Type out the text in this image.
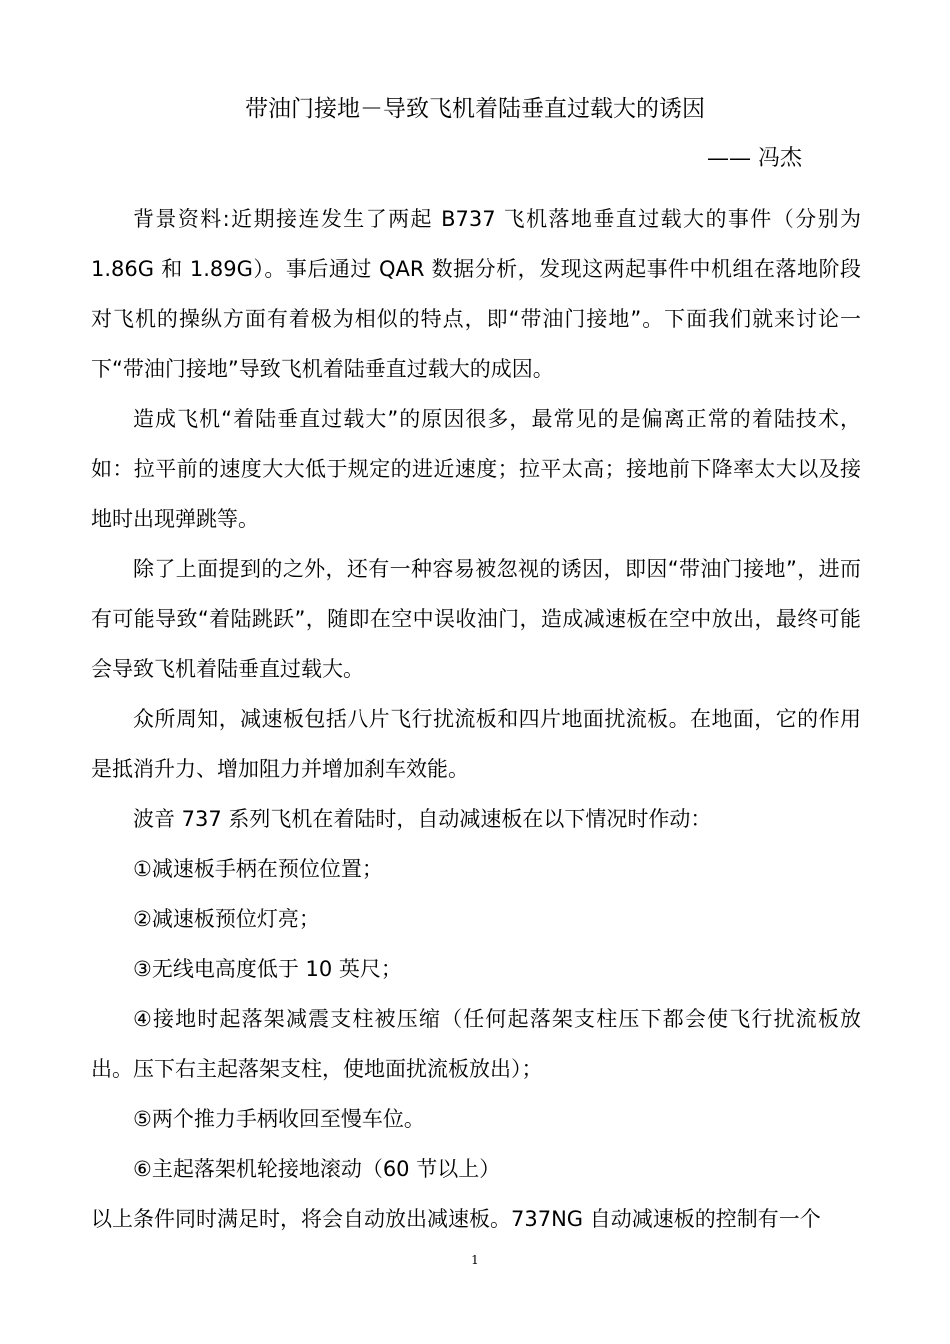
带油门接地－导致飞机着陆垂直过载大的诱因
—— 冯杰

背景资料:近期接连发生了两起 B737 飞机落地垂直过载大的事件（分别为 1.86G 和 1.89G）。事后通过 QAR 数据分析，发现这两起事件中机组在落地阶段对飞机的操纵方面有着极为相似的特点，即“带油门接地”。下面我们就来讨论一下“带油门接地”导致飞机着陆垂直过载大的成因。

造成飞机“着陆垂直过载大”的原因很多，最常见的是偏离正常的着陆技术，如：拉平前的速度大大低于规定的进近速度；拉平太高；接地前下降率太大以及接地时出现弹跳等。

除了上面提到的之外，还有一种容易被忽视的诱因，即因“带油门接地”，进而有可能导致“着陆跳跃”，随即在空中误收油门，造成减速板在空中放出，最终可能会导致飞机着陆垂直过载大。

众所周知，减速板包括八片飞行扰流板和四片地面扰流板。在地面，它的作用是抵消升力、增加阻力并增加刹车效能。

波音 737 系列飞机在着陆时，自动减速板在以下情况时作动：

①减速板手柄在预位位置；

②减速板预位灯亮；

③无线电高度低于 10 英尺；

④接地时起落架减震支柱被压缩（任何起落架支柱压下都会使飞行扰流板放出。压下右主起落架支柱，使地面扰流板放出）；

⑤两个推力手柄收回至慢车位。

⑥主起落架机轮接地滚动（60 节以上）

以上条件同时满足时，将会自动放出减速板。737NG 自动减速板的控制有一个

1
